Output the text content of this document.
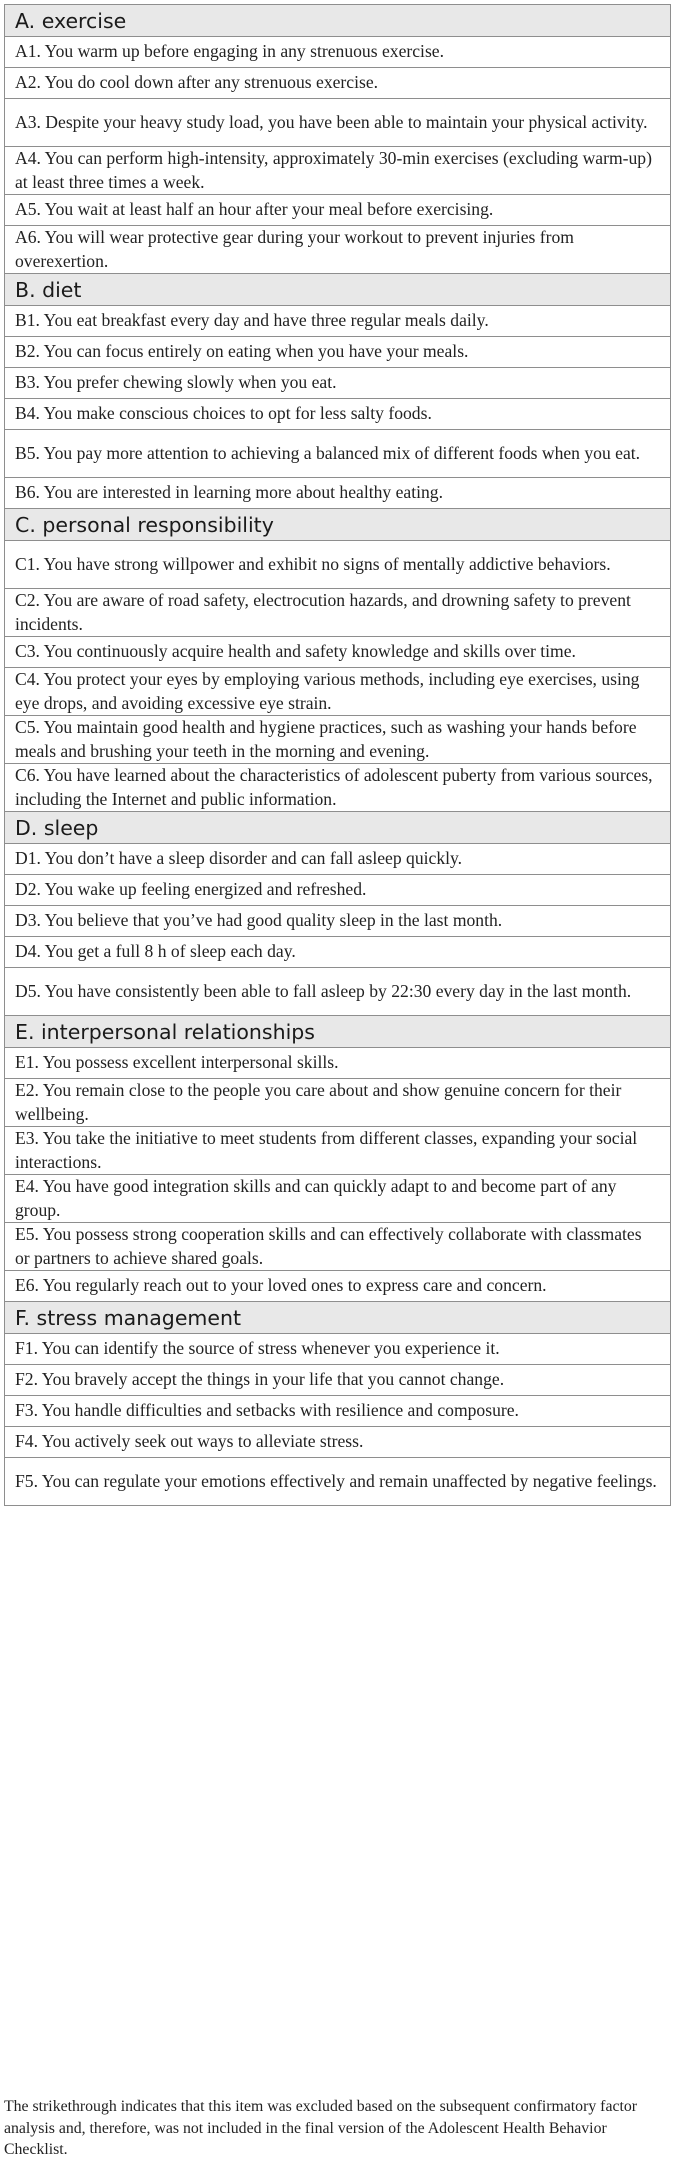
A. exercise
A1. You warm up before engaging in any strenuous exercise.
A2. You do cool down after any strenuous exercise.
A3. Despite your heavy study load, you have been able to maintain your physical activity.
A4. You can perform high-intensity, approximately 30-min exercises (excluding warm-up) at least three times a week.
A5. You wait at least half an hour after your meal before exercising.
A6. You will wear protective gear during your workout to prevent injuries from overexertion.
B. diet
B1. You eat breakfast every day and have three regular meals daily.
B2. You can focus entirely on eating when you have your meals.
B3. You prefer chewing slowly when you eat.
B4. You make conscious choices to opt for less salty foods.
B5. You pay more attention to achieving a balanced mix of different foods when you eat.
B6. You are interested in learning more about healthy eating.
C. personal responsibility
C1. You have strong willpower and exhibit no signs of mentally addictive behaviors.
C2. You are aware of road safety, electrocution hazards, and drowning safety to prevent incidents.
C3. You continuously acquire health and safety knowledge and skills over time.
C4. You protect your eyes by employing various methods, including eye exercises, using eye drops, and avoiding excessive eye strain.
C5. You maintain good health and hygiene practices, such as washing your hands before meals and brushing your teeth in the morning and evening.
C6. You have learned about the characteristics of adolescent puberty from various sources, including the Internet and public information.
D. sleep
D1. You don’t have a sleep disorder and can fall asleep quickly.
D2. You wake up feeling energized and refreshed.
D3. You believe that you’ve had good quality sleep in the last month.
D4. You get a full 8 h of sleep each day.
D5. You have consistently been able to fall asleep by 22:30 every day in the last month.
E. interpersonal relationships
E1. You possess excellent interpersonal skills.
E2. You remain close to the people you care about and show genuine concern for their wellbeing.
E3. You take the initiative to meet students from different classes, expanding your social interactions.
E4. You have good integration skills and can quickly adapt to and become part of any group.
E5. You possess strong cooperation skills and can effectively collaborate with classmates or partners to achieve shared goals.
E6. You regularly reach out to your loved ones to express care and concern.
F. stress management
F1. You can identify the source of stress whenever you experience it.
F2. You bravely accept the things in your life that you cannot change.
F3. You handle difficulties and setbacks with resilience and composure.
F4. You actively seek out ways to alleviate stress.
F5. You can regulate your emotions effectively and remain unaffected by negative feelings.
The strikethrough indicates that this item was excluded based on the subsequent confirmatory factor analysis and, therefore, was not included in the final version of the Adolescent Health Behavior Checklist.
